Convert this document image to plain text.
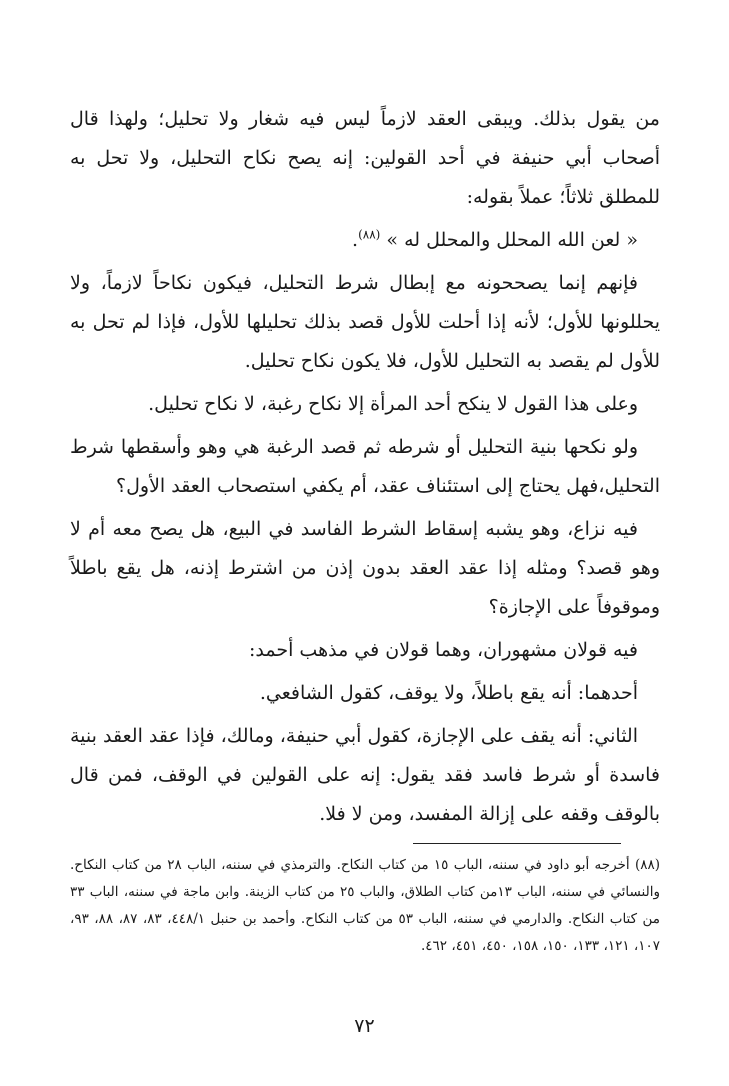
من يقول بذلك. ويبقى العقد لازماً ليس فيه شغار ولا تحليل؛ ولهذا قال أصحاب أبي حنيفة في أحد القولين: إنه يصح نكاح التحليل، ولا تحل به للمطلق ثلاثاً؛ عملاً بقوله:

« لعن الله المحلل والمحلل له » $^{(٨٨)}$.

فإنهم إنما يصححونه مع إبطال شرط التحليل، فيكون نكاحاً لازماً، ولا يحللونها للأول؛ لأنه إذا أحلت للأول قصد بذلك تحليلها للأول، فإذا لم تحل به للأول لم يقصد به التحليل للأول، فلا يكون نكاح تحليل.

وعلى هذا القول لا ينكح أحد المرأة إلا نكاح رغبة، لا نكاح تحليل.

ولو نكحها بنية التحليل أو شرطه ثم قصد الرغبة هي وهو وأسقطها شرط التحليل،فهل يحتاج إلى استئناف عقد، أم يكفي استصحاب العقد الأول؟

فيه نزاع، وهو يشبه إسقاط الشرط الفاسد في البيع، هل يصح معه أم لا وهو قصد؟ ومثله إذا عقد العقد بدون إذن من اشترط إذنه، هل يقع باطلاً وموقوفاً على الإجازة؟

فيه قولان مشهوران، وهما قولان في مذهب أحمد:

أحدهما: أنه يقع باطلاً، ولا يوقف، كقول الشافعي.

الثاني: أنه يقف على الإجازة، كقول أبي حنيفة، ومالك، فإذا عقد العقد بنية فاسدة أو شرط فاسد فقد يقول: إنه على القولين في الوقف، فمن قال بالوقف وقفه على إزالة المفسد، ومن لا فلا.

(٨٨) أخرجه أبو داود في سننه، الباب ١٥ من كتاب النكاح. والترمذي في سننه، الباب ٢٨ من كتاب النكاح. والنسائي في سننه، الباب ١٣من كتاب الطلاق، والباب ٢٥ من كتاب الزينة. وابن ماجة في سننه، الباب ٣٣ من كتاب النكاح. والدارمي في سننه، الباب ٥٣ من كتاب النكاح. وأحمد بن حنبل ٤٤٨/١، ٨٣، ٨٧، ٨٨، ٩٣، ١٠٧، ١٢١، ١٣٣، ١٥٠، ١٥٨، ٤٥٠، ٤٥١، ٤٦٢.

٧٢
